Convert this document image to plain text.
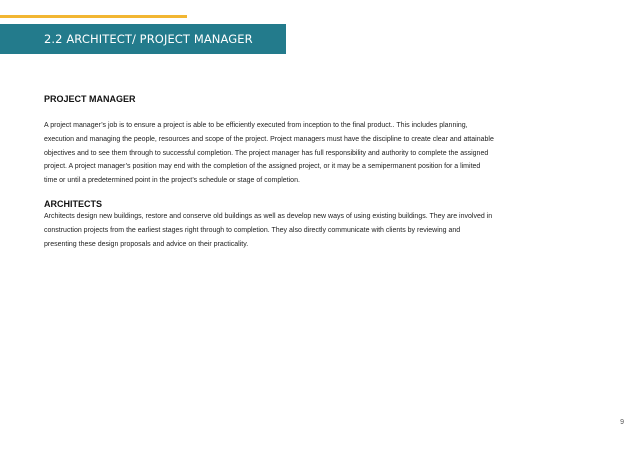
2.2 ARCHITECT/ PROJECT MANAGER
PROJECT MANAGER

A project manager’s job is to ensure a project is able to be efficiently executed from inception to the final product.. This includes planning,
execution and managing the people, resources and scope of the project. Project managers must have the discipline to create clear and attainable
objectives and to see them through to successful completion. The project manager has full responsibility and authority to complete the assigned
project. A project manager’s position may end with the completion of the assigned project, or it may be a semipermanent position for a limited
time or until a predetermined point in the project’s schedule or stage of completion.

ARCHITECTS

Architects design new buildings, restore and conserve old buildings as well as develop new ways of using existing buildings. They are involved in
construction projects from the earliest stages right through to completion. They also directly communicate with clients by reviewing and
presenting these design proposals and advice on their practicality.

9
